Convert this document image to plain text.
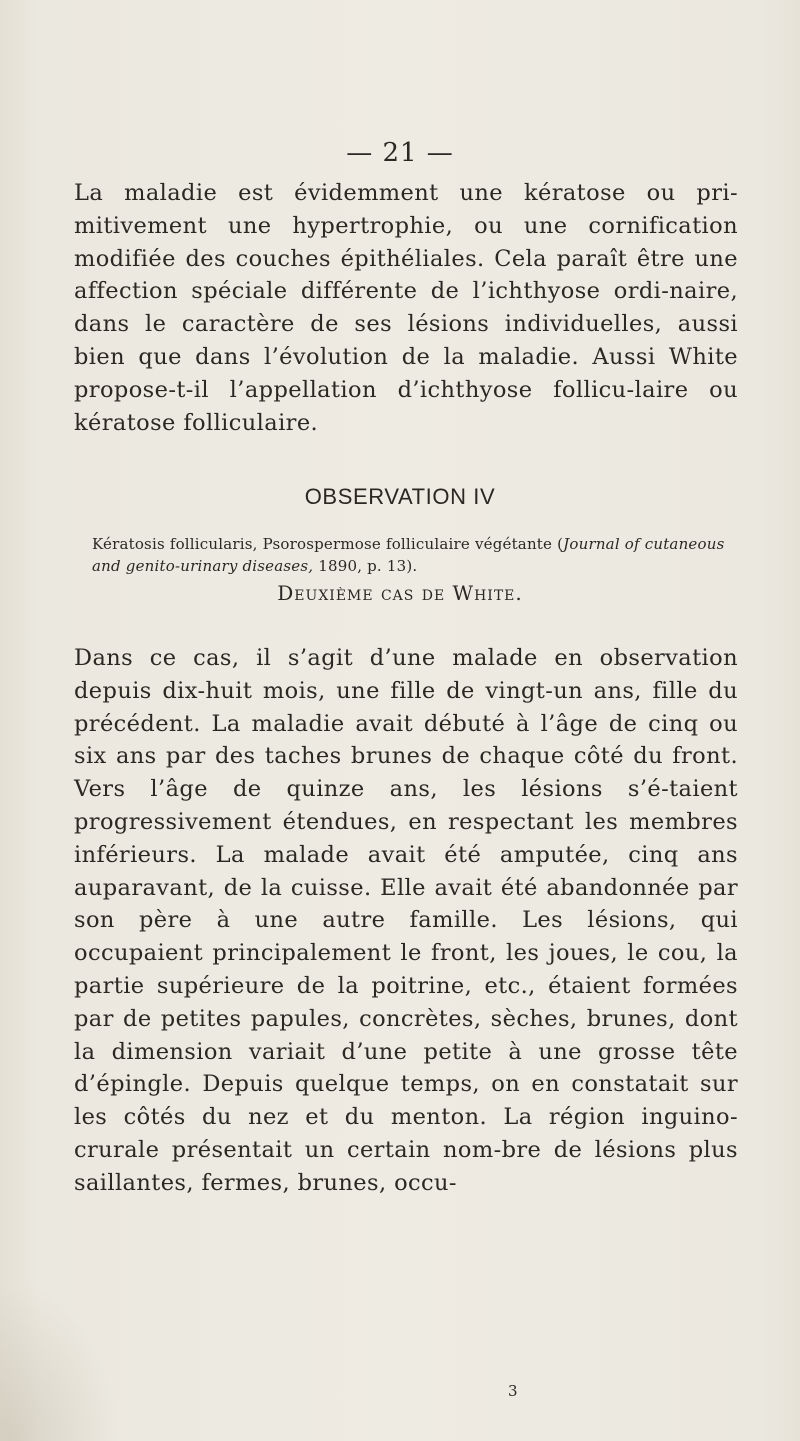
— 21 —
La maladie est évidemment une kératose ou pri-mitivement une hypertrophie, ou une cornification modifiée des couches épithéliales. Cela paraît être une affection spéciale différente de l’ichthyose ordi-naire, dans le caractère de ses lésions individuelles, aussi bien que dans l’évolution de la maladie. Aussi White propose-t-il l’appellation d’ichthyose follicu-laire ou kératose folliculaire.
OBSERVATION IV
Kératosis follicularis, Psorospermose folliculaire végétante (Journal of cutaneous and genito-urinary diseases, 1890, p. 13).
Deuxième cas de White.
Dans ce cas, il s’agit d’une malade en observation depuis dix-huit mois, une fille de vingt-un ans, fille du précédent. La maladie avait débuté à l’âge de cinq ou six ans par des taches brunes de chaque côté du front. Vers l’âge de quinze ans, les lésions s’é-taient progressivement étendues, en respectant les membres inférieurs. La malade avait été amputée, cinq ans auparavant, de la cuisse. Elle avait été abandonnée par son père à une autre famille. Les lésions, qui occupaient principalement le front, les joues, le cou, la partie supérieure de la poitrine, etc., étaient formées par de petites papules, concrètes, sèches, brunes, dont la dimension variait d’une petite à une grosse tête d’épingle. Depuis quelque temps, on en constatait sur les côtés du nez et du menton. La région inguino-crurale présentait un certain nom-bre de lésions plus saillantes, fermes, brunes, occu-
3
